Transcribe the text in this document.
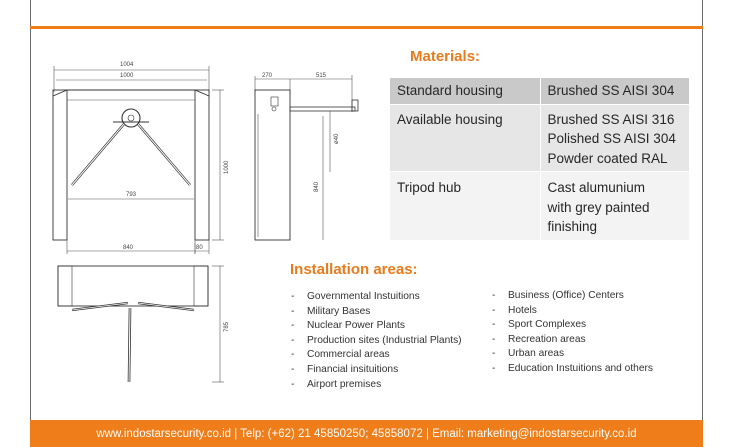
1004
1000
793
1000
840	80
270
840
785
515
ø40
Materials:
Standard housing	Brushed SS AISI 304

Available housing	Brushed SS AISI 316
Polished SS AISI 304
Powder coated RAL

Tripod hub	Cast alumunium
with grey painted
finishing
Installation areas:
- Governmental Instuitions
- Military Bases
- Nuclear Power Plants
- Production sites (Industrial Plants)
- Commercial areas
- Financial insituitions
- Airport premises
- Business (Office) Centers
- Hotels
- Sport Complexes
- Recreation areas
- Urban areas
- Education Instuitions and others
www.indostarsecurity.co.id | Telp: (+62) 21 45850250; 45858072 | Email: marketing@indostarsecurity.co.id
